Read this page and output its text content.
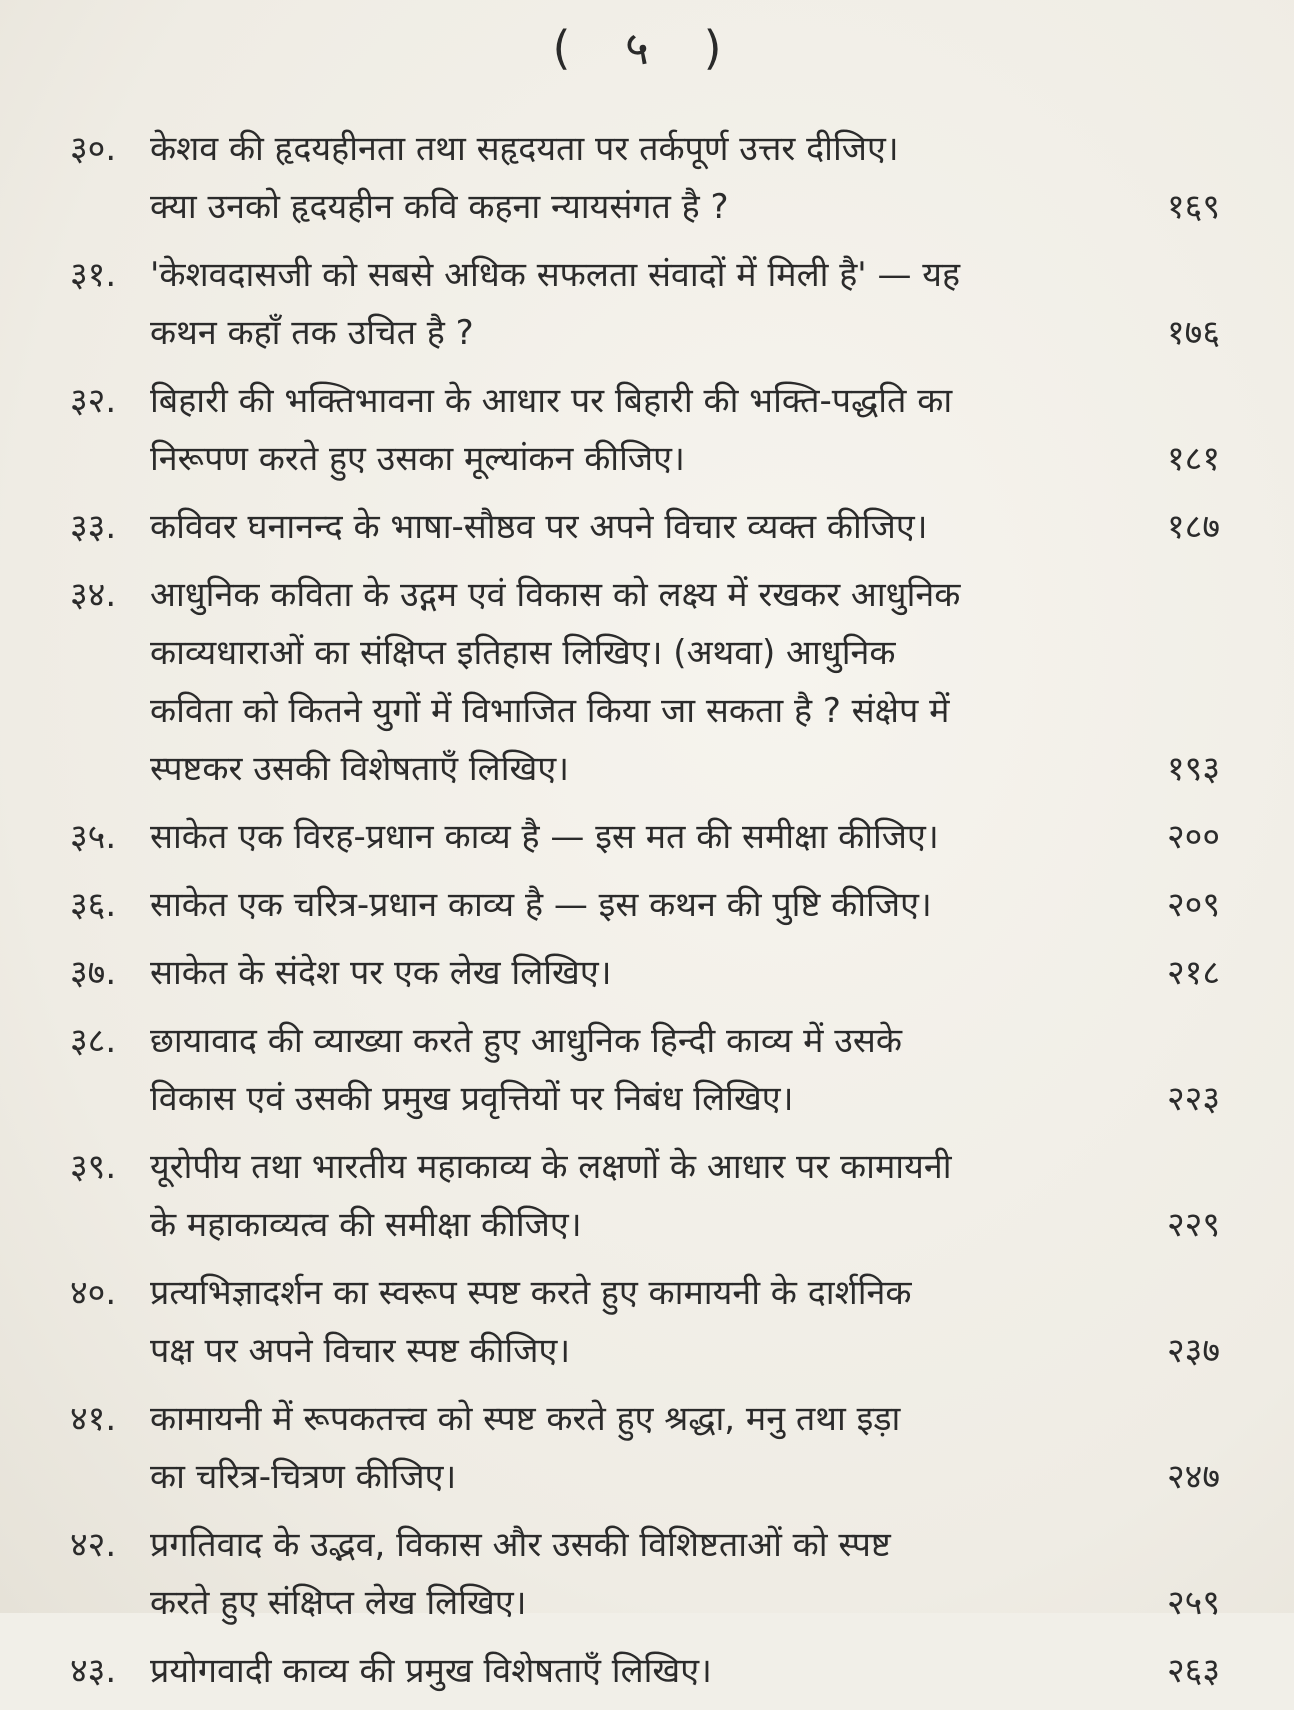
( ५ )
३०. केशव की हृदयहीनता तथा सहृदयता पर तर्कपूर्ण उत्तर दीजिए।
क्या उनको हृदयहीन कवि कहना न्यायसंगत है ?	१६९
३१. 'केशवदासजी को सबसे अधिक सफलता संवादों में मिली है' — यह
कथन कहाँ तक उचित है ?	१७६
३२. बिहारी की भक्तिभावना के आधार पर बिहारी की भक्ति-पद्धति का
निरूपण करते हुए उसका मूल्यांकन कीजिए।	१८१
३३. कविवर घनानन्द के भाषा-सौष्ठव पर अपने विचार व्यक्त कीजिए।	१८७
३४. आधुनिक कविता के उद्गम एवं विकास को लक्ष्य में रखकर आधुनिक
काव्यधाराओं का संक्षिप्त इतिहास लिखिए। (अथवा) आधुनिक
कविता को कितने युगों में विभाजित किया जा सकता है ? संक्षेप में
स्पष्टकर उसकी विशेषताएँ लिखिए।	१९३
३५. साकेत एक विरह-प्रधान काव्य है — इस मत की समीक्षा कीजिए।	२००
३६. साकेत एक चरित्र-प्रधान काव्य है — इस कथन की पुष्टि कीजिए।	२०९
३७. साकेत के संदेश पर एक लेख लिखिए।	२१८
३८. छायावाद की व्याख्या करते हुए आधुनिक हिन्दी काव्य में उसके
विकास एवं उसकी प्रमुख प्रवृत्तियों पर निबंध लिखिए।	२२३
३९. यूरोपीय तथा भारतीय महाकाव्य के लक्षणों के आधार पर कामायनी
के महाकाव्यत्व की समीक्षा कीजिए।	२२९
४०. प्रत्यभिज्ञादर्शन का स्वरूप स्पष्ट करते हुए कामायनी के दार्शनिक
पक्ष पर अपने विचार स्पष्ट कीजिए।	२३७
४१. कामायनी में रूपकतत्त्व को स्पष्ट करते हुए श्रद्धा, मनु तथा इड़ा
का चरित्र-चित्रण कीजिए।	२४७
४२. प्रगतिवाद के उद्भव, विकास और उसकी विशिष्टताओं को स्पष्ट
करते हुए संक्षिप्त लेख लिखिए।	२५९
४३. प्रयोगवादी काव्य की प्रमुख विशेषताएँ लिखिए।	२६३
